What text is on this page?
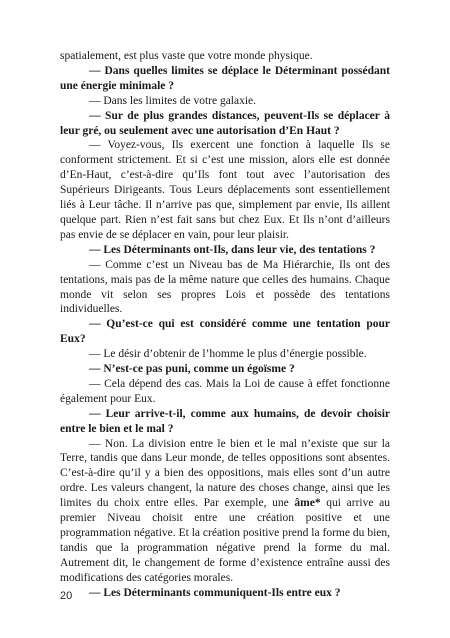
spatialement, est plus vaste que votre monde physique.

— Dans quelles limites se déplace le Déterminant possédant une énergie minimale ?

— Dans les limites de votre galaxie.

— Sur de plus grandes distances, peuvent-Ils se déplacer à leur gré, ou seulement avec une autorisation d’En Haut ?

— Voyez-vous, Ils exercent une fonction à laquelle Ils se conforment strictement. Et si c’est une mission, alors elle est donnée d’En-Haut, c’est-à-dire qu’Ils font tout avec l’autorisation des Supérieurs Dirigeants. Tous Leurs déplacements sont essentiellement liés à Leur tâche. Il n’arrive pas que, simplement par envie, Ils aillent quelque part. Rien n’est fait sans but chez Eux. Et Ils n’ont d’ailleurs pas envie de se déplacer en vain, pour leur plaisir.

— Les Déterminants ont-Ils, dans leur vie, des tentations ?

— Comme c’est un Niveau bas de Ma Hiérarchie, Ils ont des tentations, mais pas de la même nature que celles des humains. Chaque monde vit selon ses propres Lois et possède des tentations individuelles.

— Qu’est-ce qui est considéré comme une tentation pour Eux?

— Le désir d’obtenir de l’homme le plus d’énergie possible.

— N’est-ce pas puni, comme un égoïsme ?

— Cela dépend des cas. Mais la Loi de cause à effet fonctionne également pour Eux.

— Leur arrive-t-il, comme aux humains, de devoir choisir entre le bien et le mal ?

— Non. La division entre le bien et le mal n’existe que sur la Terre, tandis que dans Leur monde, de telles oppositions sont absentes. C’est-à-dire qu’il y a bien des oppositions, mais elles sont d’un autre ordre. Les valeurs changent, la nature des choses change, ainsi que les limites du choix entre elles. Par exemple, une âme* qui arrive au premier Niveau choisit entre une création positive et une programmation négative. Et la création positive prend la forme du bien, tandis que la programmation négative prend la forme du mal. Autrement dit, le changement de forme d’existence entraîne aussi des modifications des catégories morales.

— Les Déterminants communiquent-Ils entre eux ?

20
